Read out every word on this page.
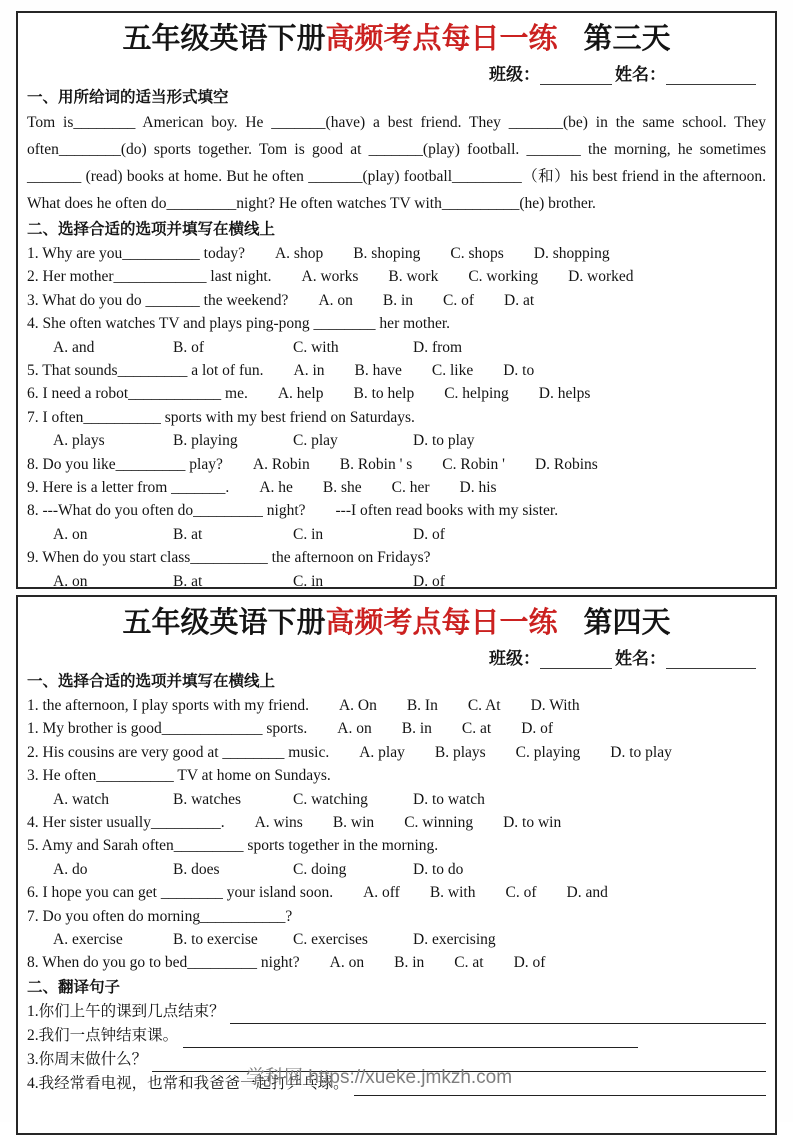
五年级英语下册高频考点每日一练 第三天
班级：	姓名：
一、用所给词的适当形式填空

Tom is________ American boy. He _______(have) a best friend. They _______(be) in the same school. They often________(do) sports together. Tom is good at _______(play) football. _______ the morning, he sometimes _______ (read) books at home. But he often _______(play) football_________（和）his best friend in the afternoon. What does he often do_________night? He often watches TV with__________(he) brother.

二、选择合适的选项并填写在横线上
1. Why are you__________ today? A. shop B. shoping C. shops D. shopping
2. Her mother____________ last night. A. works B. work C. working D. worked
3. What do you do _______ the weekend? A. on B. in C. of D. at
4. She often watches TV and plays ping-pong ________ her mother.
A. and	B. of	C. with	D. from
5. That sounds_________ a lot of fun. A. in B. have C. like D. to
6. I need a robot____________ me. A. help B. to help C. helping D. helps
7. I often__________ sports with my best friend on Saturdays.
A. plays	B. playing	C. play	D. to play
8. Do you like_________ play? A. Robin B. Robin ' s C. Robin ' D. Robins
9. Here is a letter from _______. A. he B. she C. her D. his
8. ---What do you often do_________ night? ---I often read books with my sister.
A. on	B. at	C. in	D. of
9. When do you start class__________ the afternoon on Fridays?
A. on	B. at	C. in	D. of
五年级英语下册高频考点每日一练 第四天
班级：	姓名：
一、选择合适的选项并填写在横线上
1. the afternoon, I play sports with my friend. A. On B. In C. At D. With
1. My brother is good_____________ sports. A. on B. in C. at D. of
2. His cousins are very good at ________ music. A. play B. plays C. playing D. to play
3. He often__________ TV at home on Sundays.
A. watch	B. watches	C. watching	D. to watch
4. Her sister usually_________. A. wins B. win C. winning D. to win
5. Amy and Sarah often_________ sports together in the morning.
A. do	B. does	C. doing	D. to do
6. I hope you can get ________ your island soon. A. off B. with C. of D. and
7. Do you often do morning___________?
A. exercise	B. to exercise C. exercises	D. exercising
8. When do you go to bed_________ night? A. on B. in C. at D. of
二、翻译句子
1.你们上午的课到几点结束？
2.我们一点钟结束课。
3.你周末做什么？
4.我经常看电视，也常和我爸爸一起打乒乓球。
学科网 https://xueke.jmkzh.com
